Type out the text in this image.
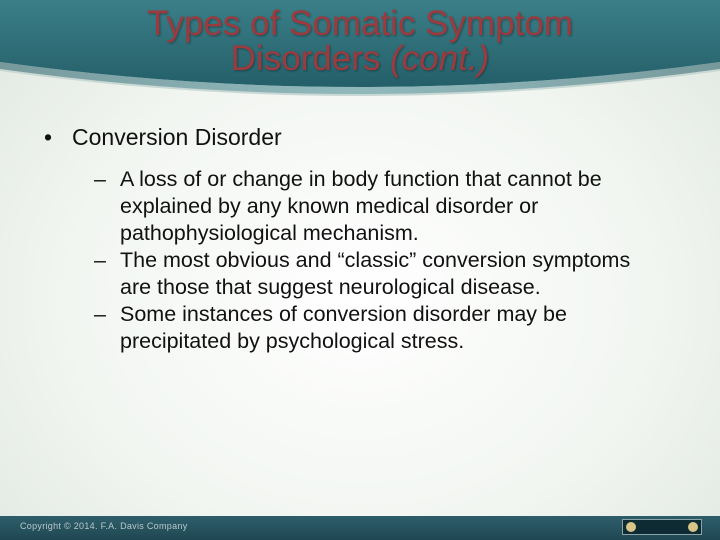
Types of Somatic Symptom
Disorders (cont.)
• Conversion Disorder
– A loss of or change in body function that cannot be explained by any known medical disorder or pathophysiological mechanism.
– The most obvious and “classic” conversion symptoms are those that suggest neurological disease.
– Some instances of conversion disorder may be precipitated by psychological stress.
Copyright © 2014. F.A. Davis Company
